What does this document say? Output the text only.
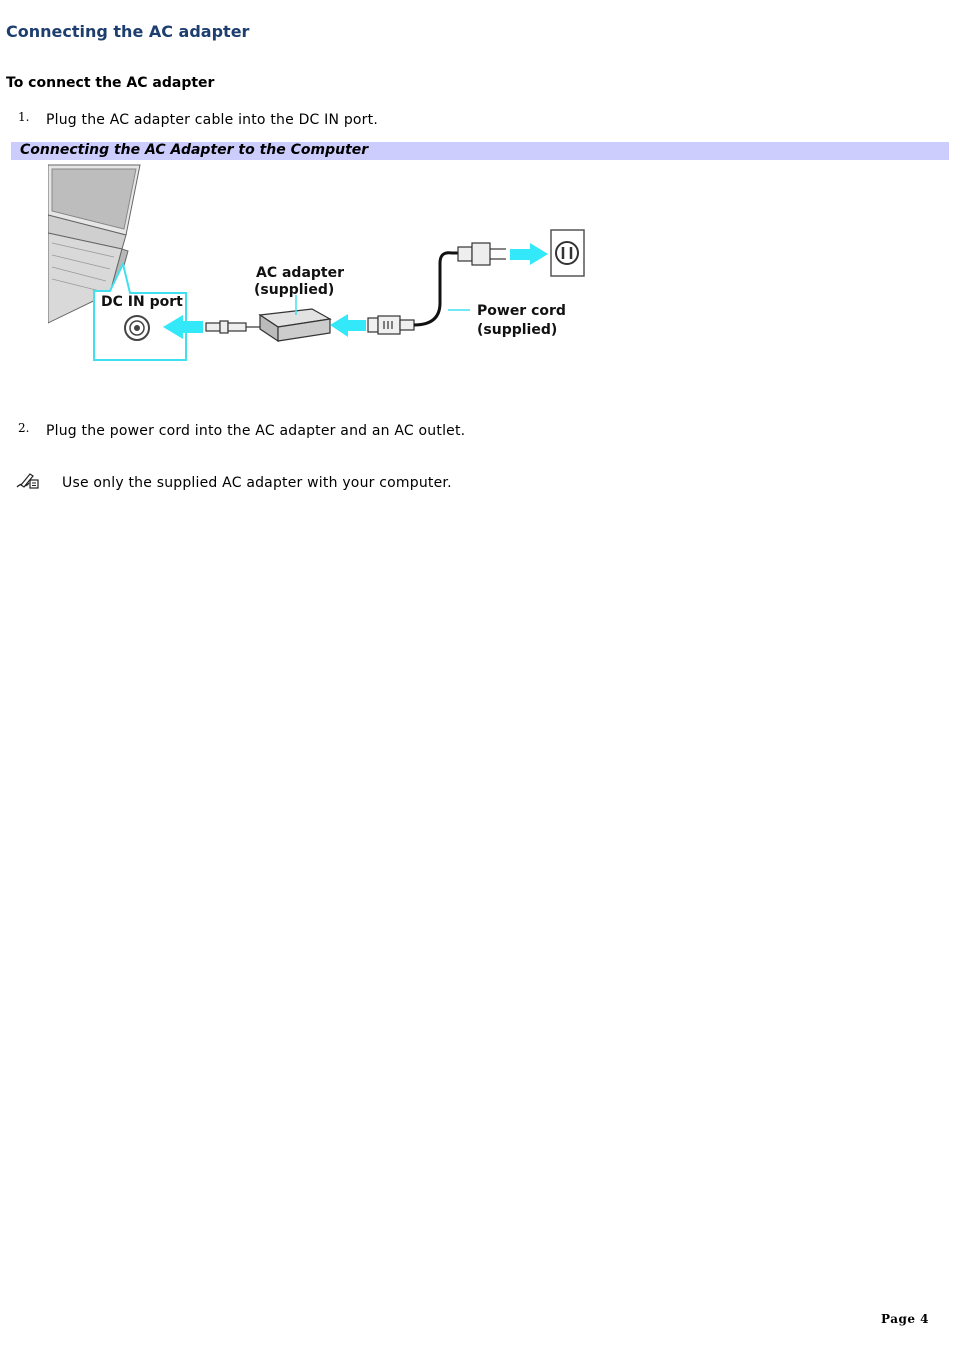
Connecting the AC adapter
To connect the AC adapter
1. Plug the AC adapter cable into the DC IN port.
Connecting the AC Adapter to the Computer
DC IN port
AC adapter
(supplied)
Power cord
(supplied)
2. Plug the power cord into the AC adapter and an AC outlet.
Use only the supplied AC adapter with your computer.
Page 4
